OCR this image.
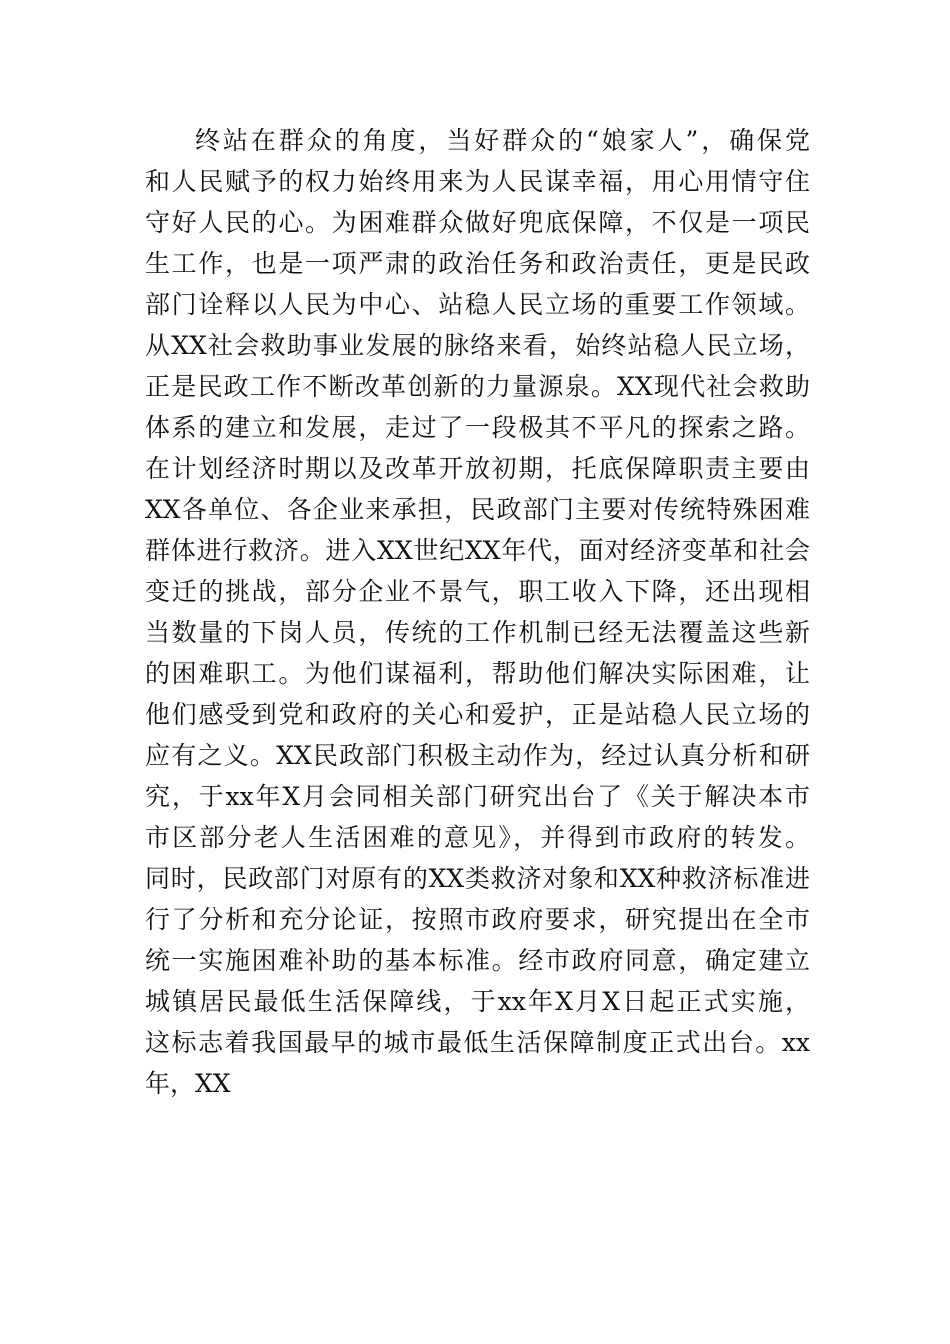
终站在群众的角度，当好群众的“娘家人”，确保党
和人民赋予的权力始终用来为人民谋幸福，用心用情守住
守好人民的心。为困难群众做好兜底保障，不仅是一项民
生工作，也是一项严肃的政治任务和政治责任，更是民政
部门诠释以人民为中心、站稳人民立场的重要工作领域。
从XX社会救助事业发展的脉络来看，始终站稳人民立场，
正是民政工作不断改革创新的力量源泉。XX现代社会救助
体系的建立和发展，走过了一段极其不平凡的探索之路。
在计划经济时期以及改革开放初期，托底保障职责主要由
XX各单位、各企业来承担，民政部门主要对传统特殊困难
群体进行救济。进入XX世纪XX年代，面对经济变革和社会
变迁的挑战，部分企业不景气，职工收入下降，还出现相
当数量的下岗人员，传统的工作机制已经无法覆盖这些新
的困难职工。为他们谋福利，帮助他们解决实际困难，让
他们感受到党和政府的关心和爱护，正是站稳人民立场的
应有之义。XX民政部门积极主动作为，经过认真分析和研
究，于xx年X月会同相关部门研究出台了《关于解决本市
市区部分老人生活困难的意见》，并得到市政府的转发。
同时，民政部门对原有的XX类救济对象和XX种救济标准进
行了分析和充分论证，按照市政府要求，研究提出在全市
统一实施困难补助的基本标准。经市政府同意，确定建立
城镇居民最低生活保障线，于xx年X月X日起正式实施，
这标志着我国最早的城市最低生活保障制度正式出台。xx
年，XX
